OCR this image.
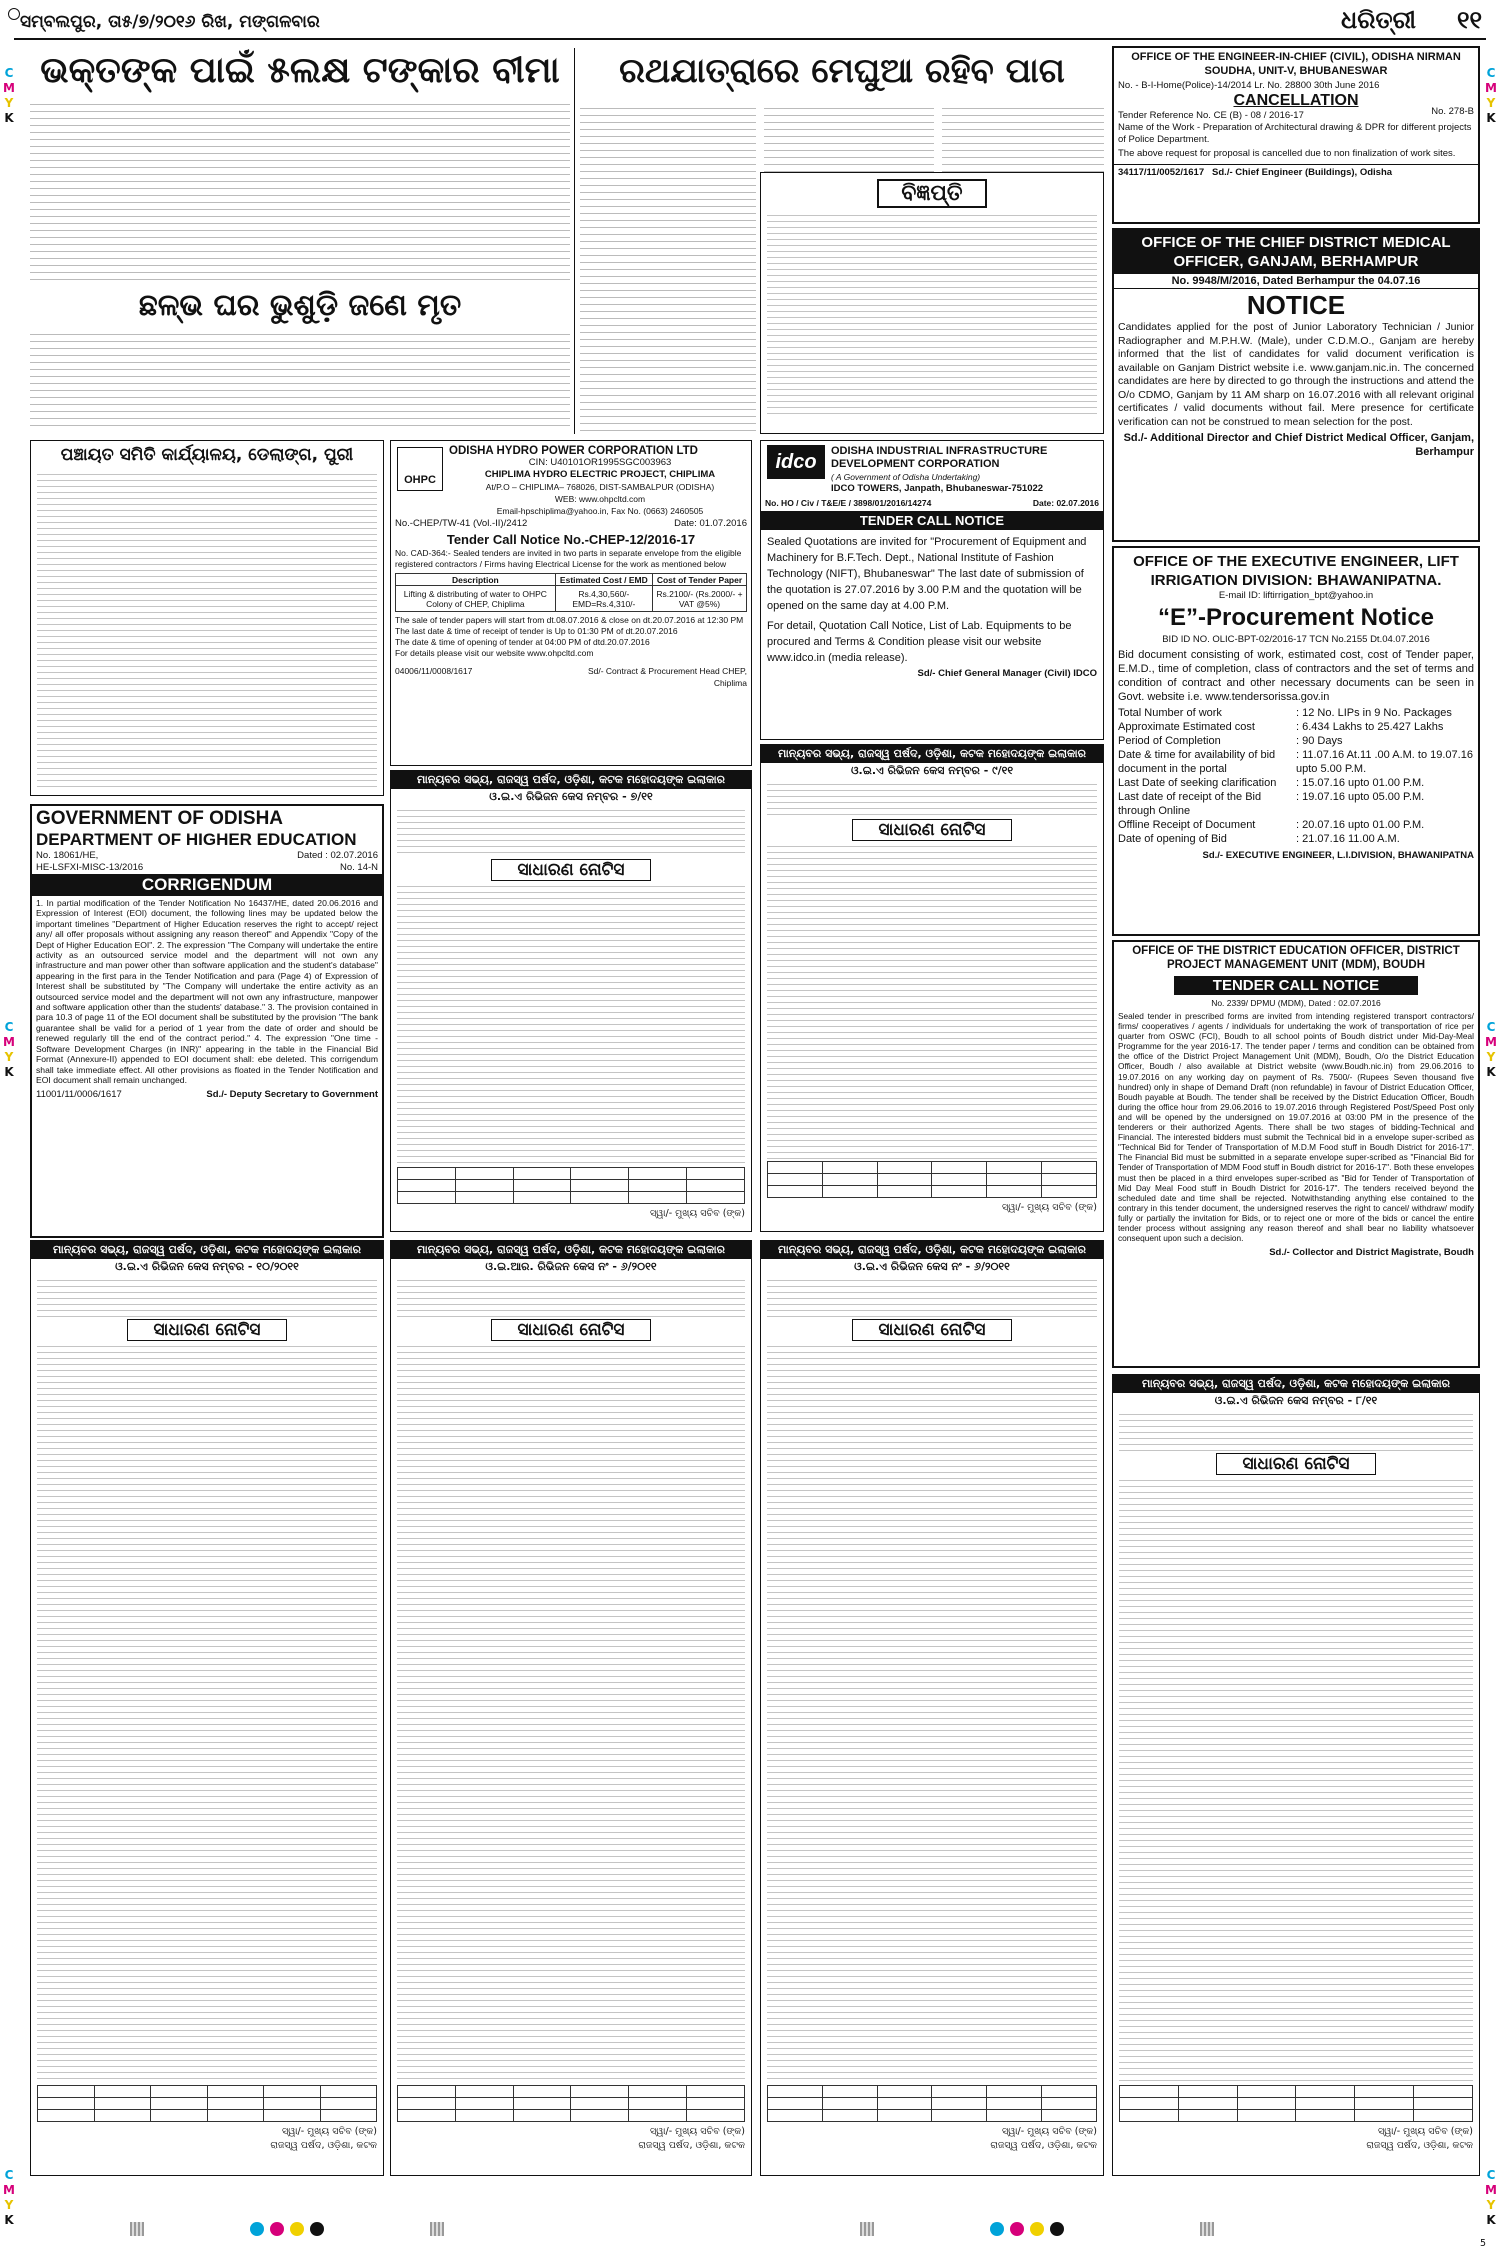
C
M
Y
K
C
M
Y
K
C
M
Y
K
C
M
Y
K
C
M
Y
K
C
M
Y
K
ସମ୍ବଲପୁର, ତା୫/୭/୨୦୧୬ ରିଖ, ମଙ୍ଗଳବାର	ଧରିତ୍ରୀ ୧୧
ଭକ୍ତଙ୍କ ପାଇଁ ୫ଲକ୍ଷ ଟଙ୍କାର ବୀମା
ଛଳ୍ଭ ଘର ଭୁଶୁଡ଼ି ଜଣେ ମୃତ
ରଥଯାତ୍ରାରେ ମେଘୁଆ ରହିବ ପାଗ
ବିଜ୍ଞପ୍ତି
OFFICE OF THE ENGINEER-IN-CHIEF (CIVIL), ODISHA NIRMAN SOUDHA, UNIT-V, BHUBANESWAR
No. - B-I-Home(Police)-14/2014 Lr. No. 28800 30th June 2016
CANCELLATION
No. 278-B
Tender Reference No. CE (B) - 08 / 2016-17
Name of the Work - Preparation of Architectural drawing & DPR for different projects of Police Department.
The above request for proposal is cancelled due to non finalization of work sites.
34117/11/0052/1617 Sd./- Chief Engineer (Buildings), Odisha
OFFICE OF THE CHIEF DISTRICT MEDICAL OFFICER, GANJAM, BERHAMPUR
No. 9948/M/2016, Dated Berhampur the 04.07.16
NOTICE
Candidates applied for the post of Junior Laboratory Technician / Junior Radiographer and M.P.H.W. (Male), under C.D.M.O., Ganjam are hereby informed that the list of candidates for valid document verification is available on Ganjam District website i.e. www.ganjam.nic.in. The concerned candidates are here by directed to go through the instructions and attend the O/o CDMO, Ganjam by 11 AM sharp on 16.07.2016 with all relevant original certificates / valid documents without fail. Mere presence for certificate verification can not be construed to mean selection for the post.
Sd./- Additional Director and Chief District Medical Officer, Ganjam, Berhampur
ପଞ୍ଚାୟତ ସମିତି କାର୍ଯ୍ୟାଳୟ, ଡେଲାଙ୍ଗ, ପୁରୀ
OHPC
ODISHA HYDRO POWER CORPORATION LTD
CIN: U40101OR1995SGC003963
CHIPLIMA HYDRO ELECTRIC PROJECT, CHIPLIMA
At/P.O – CHIPLIMA– 768026, DIST-SAMBALPUR (ODISHA)
WEB: www.ohpcltd.com
Email-hpschiplima@yahoo.in, Fax No. (0663) 2460505
No.-CHEP/TW-41 (Vol.-II)/2412	Date: 01.07.2016
Tender Call Notice No.-CHEP-12/2016-17
No. CAD-364:- Sealed tenders are invited in two parts in separate envelope from the eligible registered contractors / Firms having Electrical License for the work as mentioned below
Description	Estimated Cost / EMD	Cost of Tender Paper
Lifting & distributing of water to OHPC Colony of CHEP, Chiplima	Rs.4,30,560/- EMD=Rs.4,310/-	Rs.2100/- (Rs.2000/- + VAT @5%)
The sale of tender papers will start from dt.08.07.2016 & close on dt.20.07.2016 at 12:30 PM
The last date & time of receipt of tender is Up to 01:30 PM of dt.20.07.2016
The date & time of opening of tender at 04:00 PM of dtd.20.07.2016
For details please visit our website www.ohpcltd.com
04006/11/0008/1617	Sd/- Contract & Procurement Head CHEP, Chiplima
idco	ODISHA INDUSTRIAL INFRASTRUCTURE DEVELOPMENT CORPORATION
( A Government of Odisha Undertaking)
IDCO TOWERS, Janpath, Bhubaneswar-751022
No. HO / Civ / T&E/E / 3898/01/2016/14274	Date: 02.07.2016
TENDER CALL NOTICE
Sealed Quotations are invited for "Procurement of Equipment and Machinery for B.F.Tech. Dept., National Institute of Fashion Technology (NIFT), Bhubaneswar" The last date of submission of the quotation is 27.07.2016 by 3.00 P.M and the quotation will be opened on the same day at 4.00 P.M.
For detail, Quotation Call Notice, List of Lab. Equipments to be procured and Terms & Condition please visit our website www.idco.in (media release).
Sd/- Chief General Manager (Civil) IDCO
OFFICE OF THE EXECUTIVE ENGINEER, LIFT IRRIGATION DIVISION: BHAWANIPATNA.
E-mail ID: liftirrigation_bpt@yahoo.in
“E”-Procurement Notice
BID ID NO. OLIC-BPT-02/2016-17 TCN No.2155 Dt.04.07.2016
Bid document consisting of work, estimated cost, cost of Tender paper, E.M.D., time of completion, class of contractors and the set of terms and condition of contract and other necessary documents can be seen in Govt. website i.e. www.tendersorissa.gov.in
Total Number of work	: 12 No. LIPs in 9 No. Packages
Approximate Estimated cost	: 6.434 Lakhs to 25.427 Lakhs
Period of Completion	: 90 Days
Date & time for availability of bid document in the portal
: 11.07.16 At.11 .00 A.M. to 19.07.16 upto 5.00 P.M.
Last Date of seeking clarification	: 15.07.16 upto 01.00 P.M.
Last date of receipt of the Bid through Online
: 19.07.16 upto 05.00 P.M.
Offline Receipt of Document	: 20.07.16 upto 01.00 P.M.
Date of opening of Bid	: 21.07.16 11.00 A.M.
Sd./- EXECUTIVE ENGINEER, L.I.DIVISION, BHAWANIPATNA
GOVERNMENT OF ODISHA
DEPARTMENT OF HIGHER EDUCATION
No. 18061/HE,	Dated : 02.07.2016
HE-LSFXI-MISC-13/2016	No. 14-N
CORRIGENDUM
1. In partial modification of the Tender Notification No 16437/HE, dated 20.06.2016 and Expression of Interest (EOI) document, the following lines may be updated below the important timelines "Department of Higher Education reserves the right to accept/ reject any/ all offer proposals without assigning any reason thereof" and Appendix "Copy of the Dept of Higher Education EOI". 2. The expression "The Company will undertake the entire activity as an outsourced service model and the department will not own any infrastructure and man power other than software application and the student's database" appearing in the first para in the Tender Notification and para (Page 4) of Expression of Interest shall be substituted by "The Company will undertake the entire activity as an outsourced service model and the department will not own any infrastructure, manpower and software application other than the students' database." 3. The provision contained in para 10.3 of page 11 of the EOI document shall be substituted by the provision "The bank guarantee shall be valid for a period of 1 year from the date of order and should be renewed regularly till the end of the contract period." 4. The expression "One time -Software Development Charges (in INR)" appearing in the table in the Financial Bid Format (Annexure-II) appended to EOI document shall: ebe deleted. This corrigendum shall take immediate effect. All other provisions as floated in the Tender Notification and EOI document shall remain unchanged.
11001/11/0006/1617	Sd./- Deputy Secretary to Government
ମାନ୍ୟବର ସଭ୍ୟ, ରାଜସ୍ୱ ପର୍ଷଦ, ଓଡ଼ିଶା, କଟକ ମହୋଦୟଙ୍କ ଇଲାକାର
ଓ.ଇ.ଏ ରିଭିଜନ କେସ ନମ୍ବର - ୭/୧୧
ସାଧାରଣ ନୋଟିସ

ସ୍ୱା/- ମୁଖ୍ୟ ସଚିବ (ଙ୍କ)
ମାନ୍ୟବର ସଭ୍ୟ, ରାଜସ୍ୱ ପର୍ଷଦ, ଓଡ଼ିଶା, କଟକ ମହୋଦୟଙ୍କ ଇଲାକାର
ଓ.ଇ.ଏ ରିଭିଜନ କେସ ନମ୍ବର - ୯/୧୧
ସାଧାରଣ ନୋଟିସ

ସ୍ୱା/- ମୁଖ୍ୟ ସଚିବ (ଙ୍କ)
OFFICE OF THE DISTRICT EDUCATION OFFICER, DISTRICT PROJECT MANAGEMENT UNIT (MDM), BOUDH
TENDER CALL NOTICE
No. 2339/ DPMU (MDM), Dated : 02.07.2016
Sealed tender in prescribed forms are invited from intending registered transport contractors/ firms/ cooperatives / agents / individuals for undertaking the work of transportation of rice per quarter from OSWC (FCI), Boudh to all school points of Boudh district under Mid-Day-Meal Programme for the year 2016-17. The tender paper / terms and condition can be obtained from the office of the District Project Management Unit (MDM), Boudh, O/o the District Education Officer, Boudh / also available at District website (www.Boudh.nic.in) from 29.06.2016 to 19.07.2016 on any working day on payment of Rs. 7500/- (Rupees Seven thousand five hundred) only in shape of Demand Draft (non refundable) in favour of District Education Officer, Boudh payable at Boudh. The tender shall be received by the District Education Officer, Boudh during the office hour from 29.06.2016 to 19.07.2016 through Registered Post/Speed Post only and will be opened by the undersigned on 19.07.2016 at 03:00 PM in the presence of the tenderers or their authorized Agents. There shall be two stages of bidding-Technical and Financial. The interested bidders must submit the Technical bid in a envelope super-scribed as "Technical Bid for Tender of Transportation of M.D.M Food stuff in Boudh District for 2016-17". The Financial Bid must be submitted in a separate envelope super-scribed as "Financial Bid for Tender of Transportation of MDM Food stuff in Boudh district for 2016-17". Both these envelopes must then be placed in a third envelopes super-scribed as "Bid for Tender of Transportation of Mid Day Meal Food stuff in Boudh District for 2016-17". The tenders received beyond the scheduled date and time shall be rejected. Notwithstanding anything else contained to the contrary in this tender document, the undersigned reserves the right to cancel/ withdraw/ modify fully or partially the invitation for Bids, or to reject one or more of the bids or cancel the entire tender process without assigning any reason thereof and shall bear no liability whatsoever consequent upon such a decision.
Sd./- Collector and District Magistrate, Boudh
ମାନ୍ୟବର ସଭ୍ୟ, ରାଜସ୍ୱ ପର୍ଷଦ, ଓଡ଼ିଶା, କଟକ ମହୋଦୟଙ୍କ ଇଲାକାର
ଓ.ଇ.ଏ ରିଭିଜନ କେସ ନମ୍ବର - ୧୦/୨୦୧୧
ସାଧାରଣ ନୋଟିସ

ସ୍ୱା/- ମୁଖ୍ୟ ସଚିବ (ଙ୍କ)
ରାଜସ୍ୱ ପର୍ଷଦ, ଓଡ଼ିଶା, କଟକ
ମାନ୍ୟବର ସଭ୍ୟ, ରାଜସ୍ୱ ପର୍ଷଦ, ଓଡ଼ିଶା, କଟକ ମହୋଦୟଙ୍କ ଇଲାକାର
ଓ.ଇ.ଆର. ରିଭିଜନ କେସ ନଂ - ୬/୨୦୧୧
ସାଧାରଣ ନୋଟିସ

ସ୍ୱା/- ମୁଖ୍ୟ ସଚିବ (ଙ୍କ)
ରାଜସ୍ୱ ପର୍ଷଦ, ଓଡ଼ିଶା, କଟକ
ମାନ୍ୟବର ସଭ୍ୟ, ରାଜସ୍ୱ ପର୍ଷଦ, ଓଡ଼ିଶା, କଟକ ମହୋଦୟଙ୍କ ଇଲାକାର
ଓ.ଇ.ଏ ରିଭିଜନ କେସ ନଂ - ୬/୨୦୧୧
ସାଧାରଣ ନୋଟିସ

ସ୍ୱା/- ମୁଖ୍ୟ ସଚିବ (ଙ୍କ)
ରାଜସ୍ୱ ପର୍ଷଦ, ଓଡ଼ିଶା, କଟକ
ମାନ୍ୟବର ସଭ୍ୟ, ରାଜସ୍ୱ ପର୍ଷଦ, ଓଡ଼ିଶା, କଟକ ମହୋଦୟଙ୍କ ଇଲାକାର
ଓ.ଇ.ଏ ରିଭିଜନ କେସ ନମ୍ବର - ୮/୧୧
ସାଧାରଣ ନୋଟିସ

ସ୍ୱା/- ମୁଖ୍ୟ ସଚିବ (ଙ୍କ)
ରାଜସ୍ୱ ପର୍ଷଦ, ଓଡ଼ିଶା, କଟକ
5
